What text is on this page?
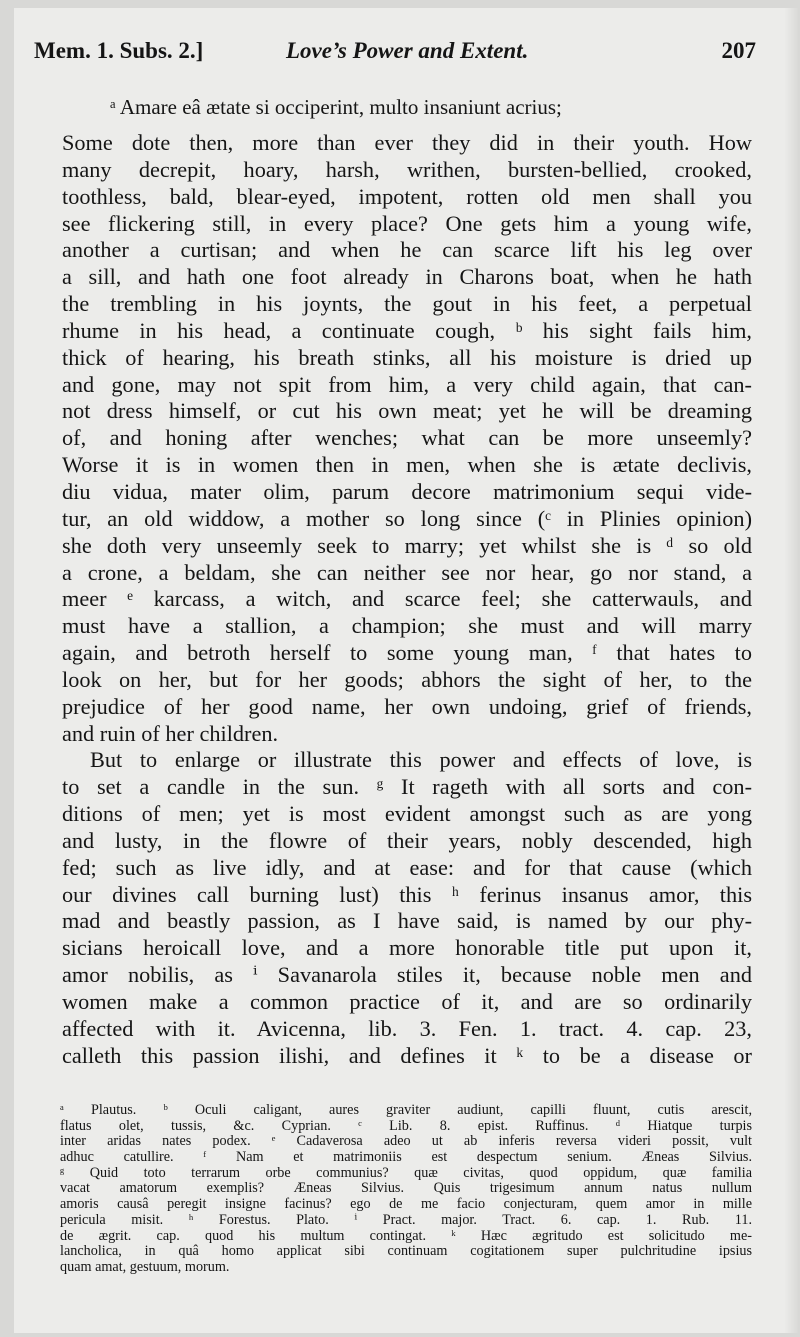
Mem. 1. Subs. 2.]	Love’s Power and Extent.	207
ᵃ Amare eâ ætate si occiperint, multo insaniunt acrius;
Some dote then, more than ever they did in their youth. How
many decrepit, hoary, harsh, writhen, bursten-bellied, crooked,
toothless, bald, blear-eyed, impotent, rotten old men shall you
see flickering still, in every place? One gets him a young wife,
another a curtisan; and when he can scarce lift his leg over
a sill, and hath one foot already in Charons boat, when he hath
the trembling in his joynts, the gout in his feet, a perpetual
rhume in his head, a continuate cough, ᵇ his sight fails him,
thick of hearing, his breath stinks, all his moisture is dried up
and gone, may not spit from him, a very child again, that can-
not dress himself, or cut his own meat; yet he will be dreaming
of, and honing after wenches; what can be more unseemly?
Worse it is in women then in men, when she is ætate declivis,
diu vidua, mater olim, parum decore matrimonium sequi vide-
tur, an old widdow, a mother so long since (ᶜ in Plinies opinion)
she doth very unseemly seek to marry; yet whilst she is ᵈ so old
a crone, a beldam, she can neither see nor hear, go nor stand, a
meer ᵉ karcass, a witch, and scarce feel; she catterwauls, and
must have a stallion, a champion; she must and will marry
again, and betroth herself to some young man, ᶠ that hates to
look on her, but for her goods; abhors the sight of her, to the
prejudice of her good name, her own undoing, grief of friends,
and ruin of her children.
But to enlarge or illustrate this power and effects of love, is
to set a candle in the sun. ᵍ It rageth with all sorts and con-
ditions of men; yet is most evident amongst such as are yong
and lusty, in the flowre of their years, nobly descended, high
fed; such as live idly, and at ease: and for that cause (which
our divines call burning lust) this ʰ ferinus insanus amor, this
mad and beastly passion, as I have said, is named by our phy-
sicians heroicall love, and a more honorable title put upon it,
amor nobilis, as ⁱ Savanarola stiles it, because noble men and
women make a common practice of it, and are so ordinarily
affected with it. Avicenna, lib. 3. Fen. 1. tract. 4. cap. 23,
calleth this passion ilishi, and defines it ᵏ to be a disease or
ᵃ Plautus. ᵇ Oculi caligant, aures graviter audiunt, capilli fluunt, cutis arescit,
flatus olet, tussis, &c. Cyprian. ᶜ Lib. 8. epist. Ruffinus. ᵈ Hiatque turpis
inter aridas nates podex. ᵉ Cadaverosa adeo ut ab inferis reversa videri possit, vult
adhuc catullire. ᶠ Nam et matrimoniis est despectum senium. Æneas Silvius.
ᵍ Quid toto terrarum orbe communius? quæ civitas, quod oppidum, quæ familia
vacat amatorum exemplis? Æneas Silvius. Quis trigesimum annum natus nullum
amoris causâ peregit insigne facinus? ego de me facio conjecturam, quem amor in mille
pericula misit. ʰ Forestus. Plato. ⁱ Pract. major. Tract. 6. cap. 1. Rub. 11.
de ægrit. cap. quod his multum contingat. ᵏ Hæc ægritudo est solicitudo me-
lancholica, in quâ homo applicat sibi continuam cogitationem super pulchritudine ipsius
quam amat, gestuum, morum.
